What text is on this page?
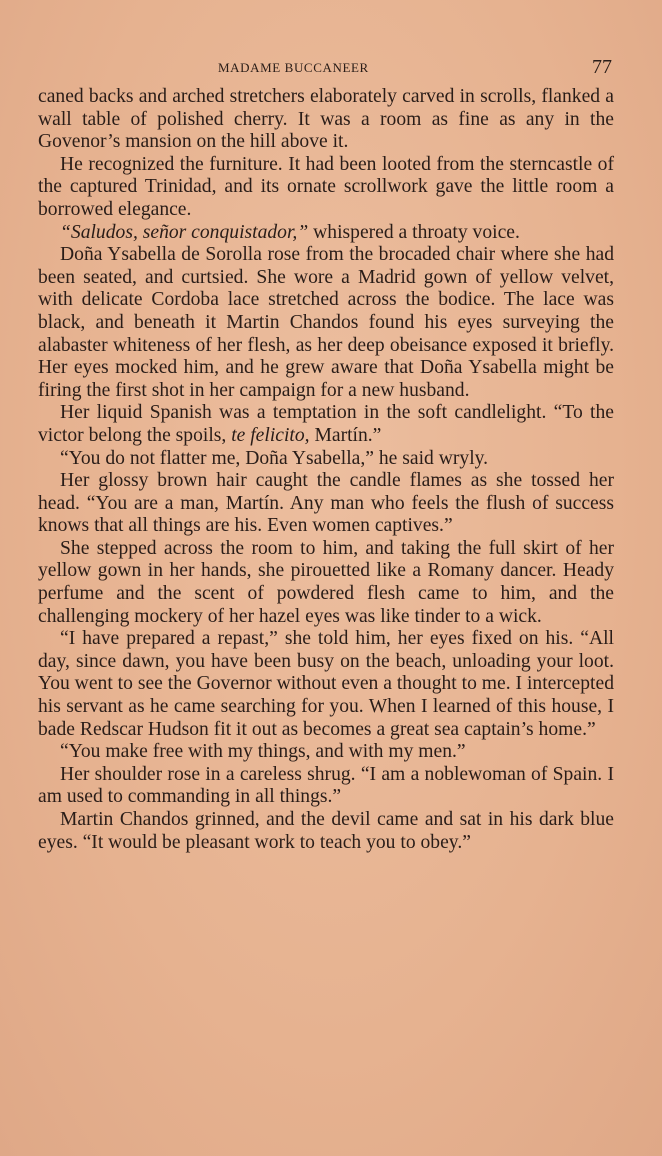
MADAME BUCCANEER	77

caned backs and arched stretchers elaborately carved in scrolls, flanked a wall table of polished cherry. It was a room as fine as any in the Govenor’s mansion on the hill above it.

He recognized the furniture. It had been looted from the sterncastle of the captured Trinidad, and its ornate scrollwork gave the little room a borrowed elegance.

“Saludos, señor conquistador,” whispered a throaty voice.

Doña Ysabella de Sorolla rose from the brocaded chair where she had been seated, and curtsied. She wore a Madrid gown of yellow velvet, with delicate Cordoba lace stretched across the bodice. The lace was black, and beneath it Martin Chandos found his eyes surveying the alabaster whiteness of her flesh, as her deep obeisance exposed it briefly. Her eyes mocked him, and he grew aware that Doña Ysabella might be firing the first shot in her campaign for a new husband.

Her liquid Spanish was a temptation in the soft candlelight. “To the victor belong the spoils, te felicito, Martín.”

“You do not flatter me, Doña Ysabella,” he said wryly.

Her glossy brown hair caught the candle flames as she tossed her head. “You are a man, Martín. Any man who feels the flush of success knows that all things are his. Even women captives.”

She stepped across the room to him, and taking the full skirt of her yellow gown in her hands, she pirouetted like a Romany dancer. Heady perfume and the scent of powdered flesh came to him, and the challenging mockery of her hazel eyes was like tinder to a wick.

“I have prepared a repast,” she told him, her eyes fixed on his. “All day, since dawn, you have been busy on the beach, unloading your loot. You went to see the Governor without even a thought to me. I intercepted his servant as he came searching for you. When I learned of this house, I bade Redscar Hudson fit it out as becomes a great sea captain’s home.”

“You make free with my things, and with my men.”

Her shoulder rose in a careless shrug. “I am a noblewoman of Spain. I am used to commanding in all things.”

Martin Chandos grinned, and the devil came and sat in his dark blue eyes. “It would be pleasant work to teach you to obey.”
